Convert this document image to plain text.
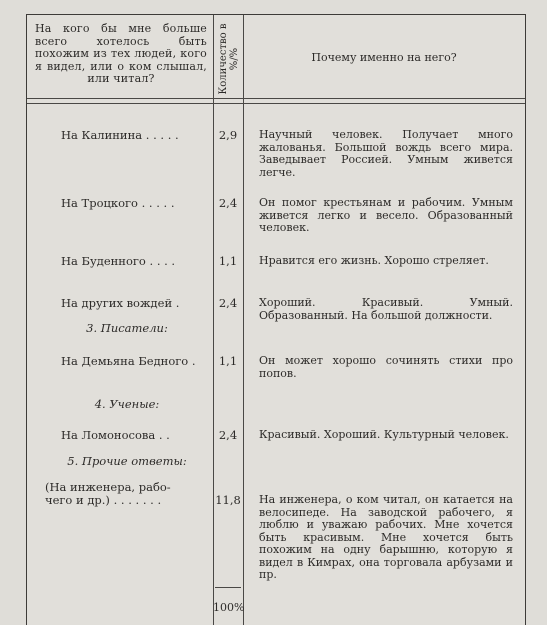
На кого бы мне больше всего хотелось быть похожим из тех людей, кого я видел, или о ком слышал, или читал?	Количество в %/%	Почему именно на него?
На Калинина . . . . .	2,9	Научный человек. Получает много жалованья. Большой вождь всего мира. Заведывает Россией. Умным живется легче.
На Троцкого . . . . .	2,4	Он помог крестьянам и рабочим. Умным живется легко и весело. Образованный человек.
На Буденного . . . .	1,1	Нравится его жизнь. Хорошо стреляет.
На других вождей .	2,4	Хороший. Красивый. Умный. Образованный. На большой должности.
3. Писатели:
На Демьяна Бедного .	1,1	Он может хорошо сочинять стихи про попов.
4. Ученые:
На Ломоносова . .	2,4	Красивый. Хороший. Культурный человек.
5. Прочие ответы:
(На инженера, рабо-
чего и др.) . . . . . . .	11,8 На инженера, о ком читал, он катается на велосипеде. На заводской рабочего, я люблю и уважаю рабочих. Мне хочется быть красивым. Мне хочется быть похожим на одну барышню, которую я видел в Кимрах, она торговала арбузами и пр.
100%
